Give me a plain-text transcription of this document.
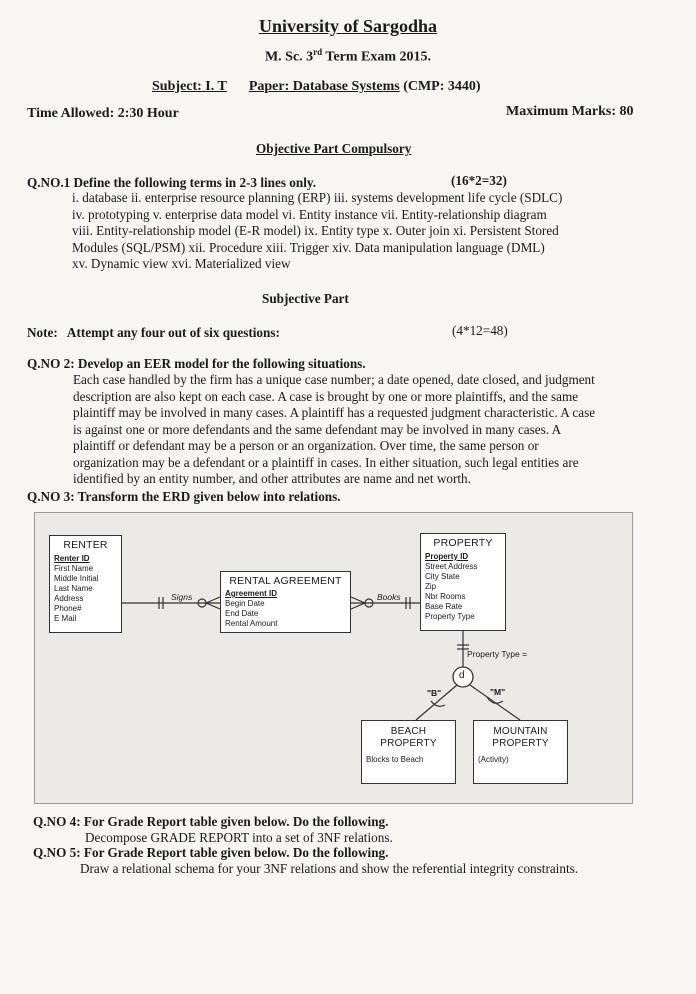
University of Sargodha
M. Sc. 3rd Term Exam 2015.
Subject: I. T Paper: Database Systems (CMP: 3440)
Time Allowed: 2:30 Hour	Maximum Marks: 80
Objective Part Compulsory
Q.NO.1 Define the following terms in 2-3 lines only.	(16*2=32)
i. database ii. enterprise resource planning (ERP) iii. systems development life cycle (SDLC)
iv. prototyping v. enterprise data model vi. Entity instance vii. Entity-relationship diagram
viii. Entity-relationship model (E-R model) ix. Entity type x. Outer join xi. Persistent Stored
Modules (SQL/PSM) xii. Procedure xiii. Trigger xiv. Data manipulation language (DML)
xv. Dynamic view xvi. Materialized view
Subjective Part
Note:   Attempt any four out of six questions:	(4*12=48)
Q.NO 2: Develop an EER model for the following situations.
Each case handled by the firm has a unique case number; a date opened, date closed, and judgment
description are also kept on each case. A case is brought by one or more plaintiffs, and the same
plaintiff may be involved in many cases. A plaintiff has a requested judgment characteristic. A case
is against one or more defendants and the same defendant may be involved in many cases. A
plaintiff or defendant may be a person or an organization. Over time, the same person or
organization may be a defendant or a plaintiff in cases. In either situation, such legal entities are
identified by an entity number, and other attributes are name and net worth.
Q.NO 3: Transform the ERD given below into relations.
RENTER
Renter ID
First Name
Middle Initial
Last Name
Address
Phone#
E Mail
RENTAL AGREEMENT
Agreement ID
Begin Date
End Date
Rental Amount
PROPERTY
Property ID
Street Address
City State
Zip
Nbr Rooms
Base Rate
Property Type
BEACH
PROPERTY
Blocks to Beach
MOUNTAIN
PROPERTY
(Activity)
Signs	Books
Property Type =
d
"B"	"M"
Q.NO 4: For Grade Report table given below. Do the following.
Decompose GRADE REPORT into a set of 3NF relations.
Q.NO 5: For Grade Report table given below. Do the following.
Draw a relational schema for your 3NF relations and show the referential integrity constraints.
